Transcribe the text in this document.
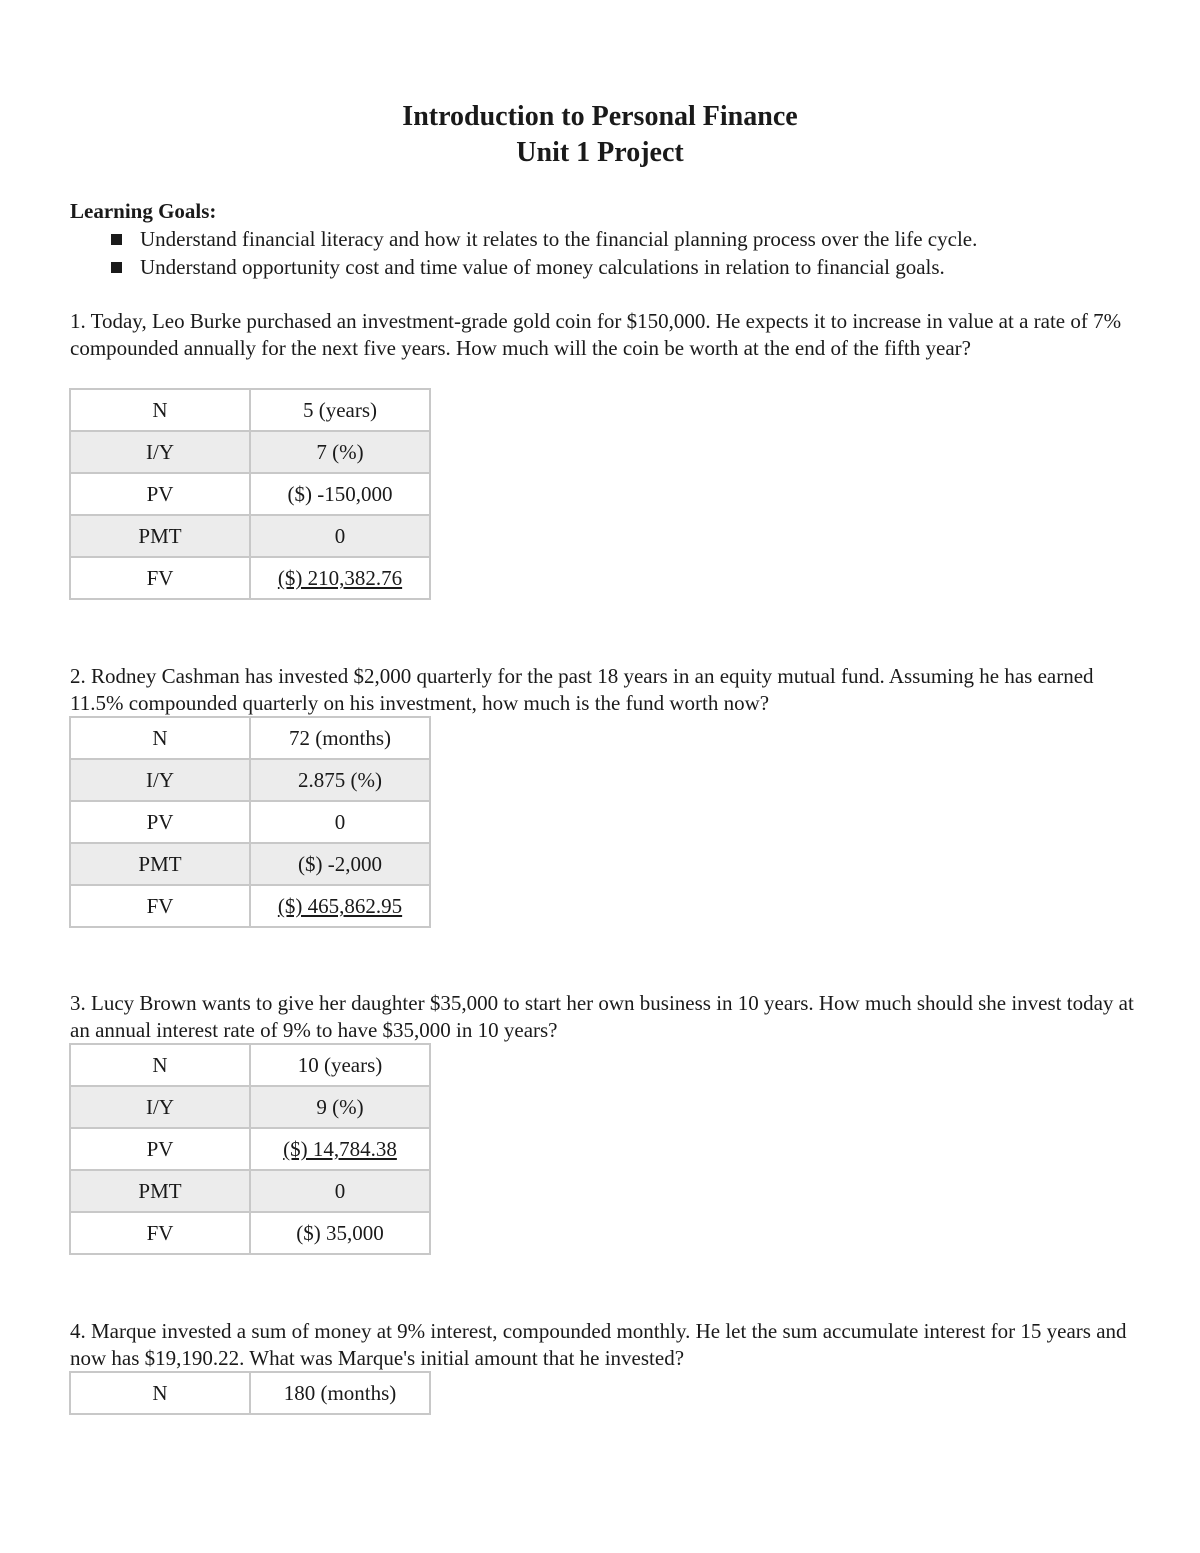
Introduction to Personal Finance
Unit 1 Project
Learning Goals:
Understand financial literacy and how it relates to the financial planning process over the life cycle.
Understand opportunity cost and time value of money calculations in relation to financial goals.

1. Today, Leo Burke purchased an investment-grade gold coin for $150,000. He expects it to increase in value at a rate of 7% compounded annually for the next five years. How much will the coin be worth at the end of the fifth year?

N	5 (years)
I/Y	7 (%)
PV	($) -150,000
PMT	0
FV	($) 210,382.76

2. Rodney Cashman has invested $2,000 quarterly for the past 18 years in an equity mutual fund. Assuming he has earned 11.5% compounded quarterly on his investment, how much is the fund worth now?

N	72 (months)
I/Y	2.875 (%)
PV	0
PMT	($) -2,000
FV	($) 465,862.95

3. Lucy Brown wants to give her daughter $35,000 to start her own business in 10 years. How much should she invest today at an annual interest rate of 9% to have $35,000 in 10 years?

N	10 (years)
I/Y	9 (%)
PV	($) 14,784.38
PMT	0
FV	($) 35,000

4. Marque invested a sum of money at 9% interest, compounded monthly. He let the sum accumulate interest for 15 years and now has $19,190.22. What was Marque's initial amount that he invested?

N	180 (months)
